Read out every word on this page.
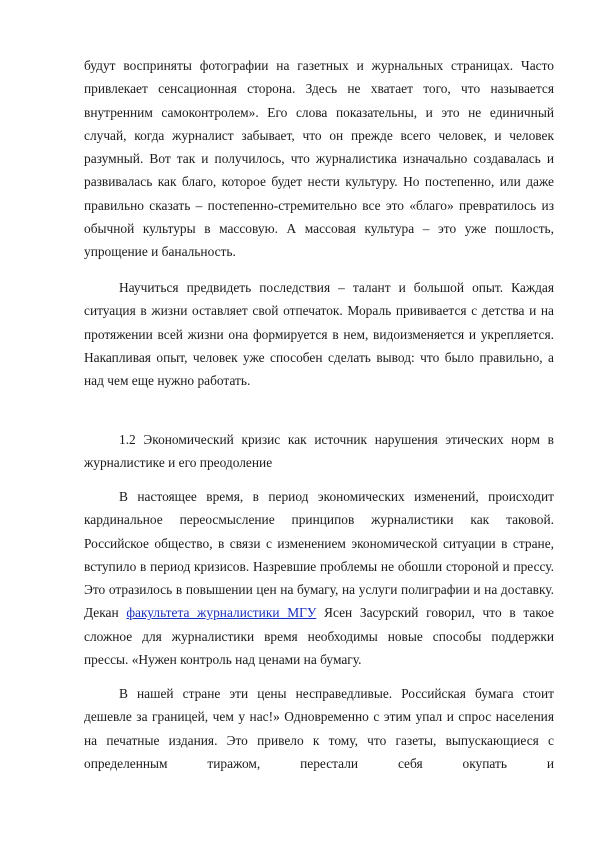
будут восприняты фотографии на газетных и журнальных страницах. Часто привлекает сенсационная сторона. Здесь не хватает того, что называется внутренним самоконтролем». Его слова показательны, и это не единичный случай, когда журналист забывает, что он прежде всего человек, и человек разумный. Вот так и получилось, что журналистика изначально создавалась и развивалась как благо, которое будет нести культуру. Но постепенно, или даже правильно сказать – постепенно-стремительно все это «благо» превратилось из обычной культуры в массовую. А массовая культура – это уже пошлость, упрощение и банальность.

Научиться предвидеть последствия – талант и большой опыт. Каждая ситуация в жизни оставляет свой отпечаток. Мораль прививается с детства и на протяжении всей жизни она формируется в нем, видоизменяется и укрепляется. Накапливая опыт, человек уже способен сделать вывод: что было правильно, а над чем еще нужно работать.

1.2 Экономический кризис как источник нарушения этических норм в журналистике и его преодоление

В настоящее время, в период экономических изменений, происходит кардинальное переосмысление принципов журналистики как таковой. Российское общество, в связи с изменением экономической ситуации в стране, вступило в период кризисов. Назревшие проблемы не обошли стороной и прессу. Это отразилось в повышении цен на бумагу, на услуги полиграфии и на доставку. Декан факультета журналистики МГУ Ясен Засурский говорил, что в такое сложное для журналистики время необходимы новые способы поддержки прессы. «Нужен контроль над ценами на бумагу.

В нашей стране эти цены несправедливые. Российская бумага стоит дешевле за границей, чем у нас!» Одновременно с этим упал и спрос населения на печатные издания. Это привело к тому, что газеты, выпускающиеся с определенным тиражом, перестали себя окупать и
